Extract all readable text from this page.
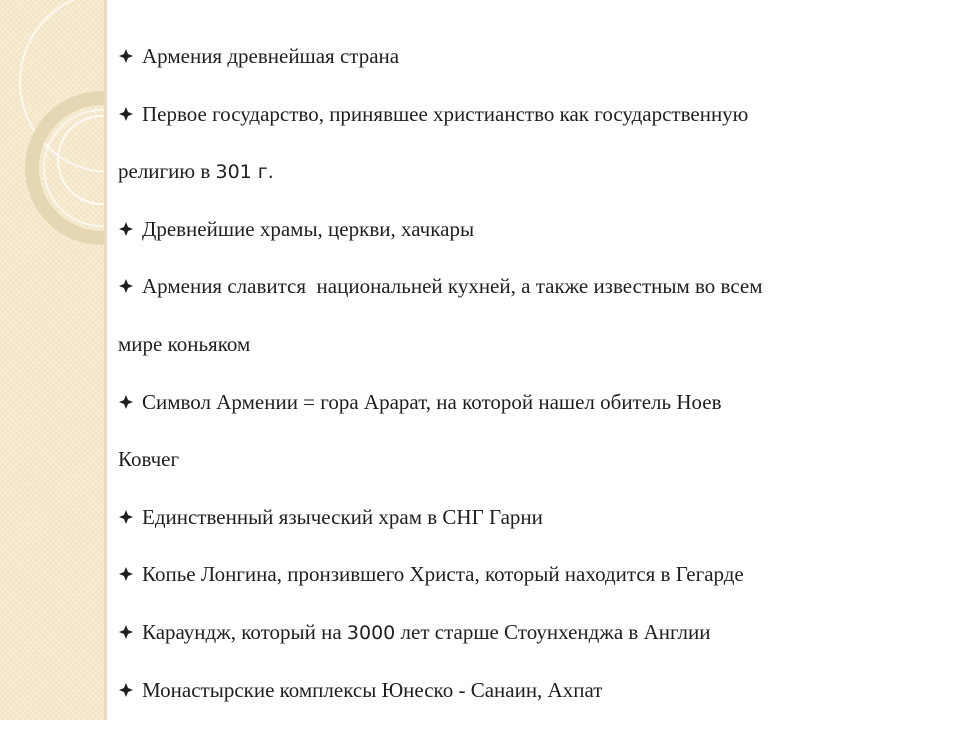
Армения древнейшая страна
Первое государство, принявшее христианство как государственную
религию в 301 г.
Древнейшие храмы, церкви, хачкары
Армения славится  национальней кухней, а также известным во всем
мире коньяком
Символ Армении = гора Арарат, на которой нашел обитель Ноев
Ковчег
Единственный языческий храм в СНГ Гарни
Копье Лонгина, пронзившего Христа, который находится в Гегарде
Караундж, который на 3000 лет старше Стоунхенджа в Англии
Монастырские комплексы Юнеско - Санаин, Ахпат
